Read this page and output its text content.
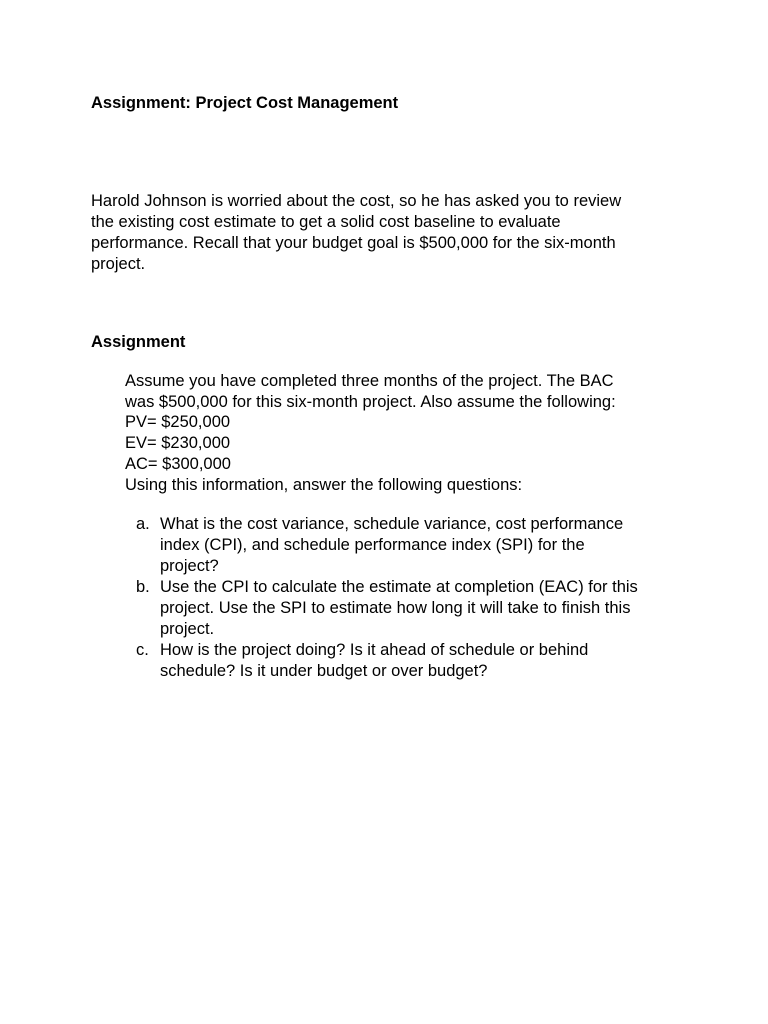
Assignment: Project Cost Management
Harold Johnson is worried about the cost, so he has asked you to review
the existing cost estimate to get a solid cost baseline to evaluate
performance. Recall that your budget goal is $500,000 for the six-month
project.
Assignment
Assume you have completed three months of the project. The BAC
was $500,000 for this six-month project. Also assume the following:
PV= $250,000
EV= $230,000
AC= $300,000
Using this information, answer the following questions:
a. What is the cost variance, schedule variance, cost performance
index (CPI), and schedule performance index (SPI) for the
project?
b. Use the CPI to calculate the estimate at completion (EAC) for this
project. Use the SPI to estimate how long it will take to finish this
project.
c. How is the project doing? Is it ahead of schedule or behind
schedule? Is it under budget or over budget?
